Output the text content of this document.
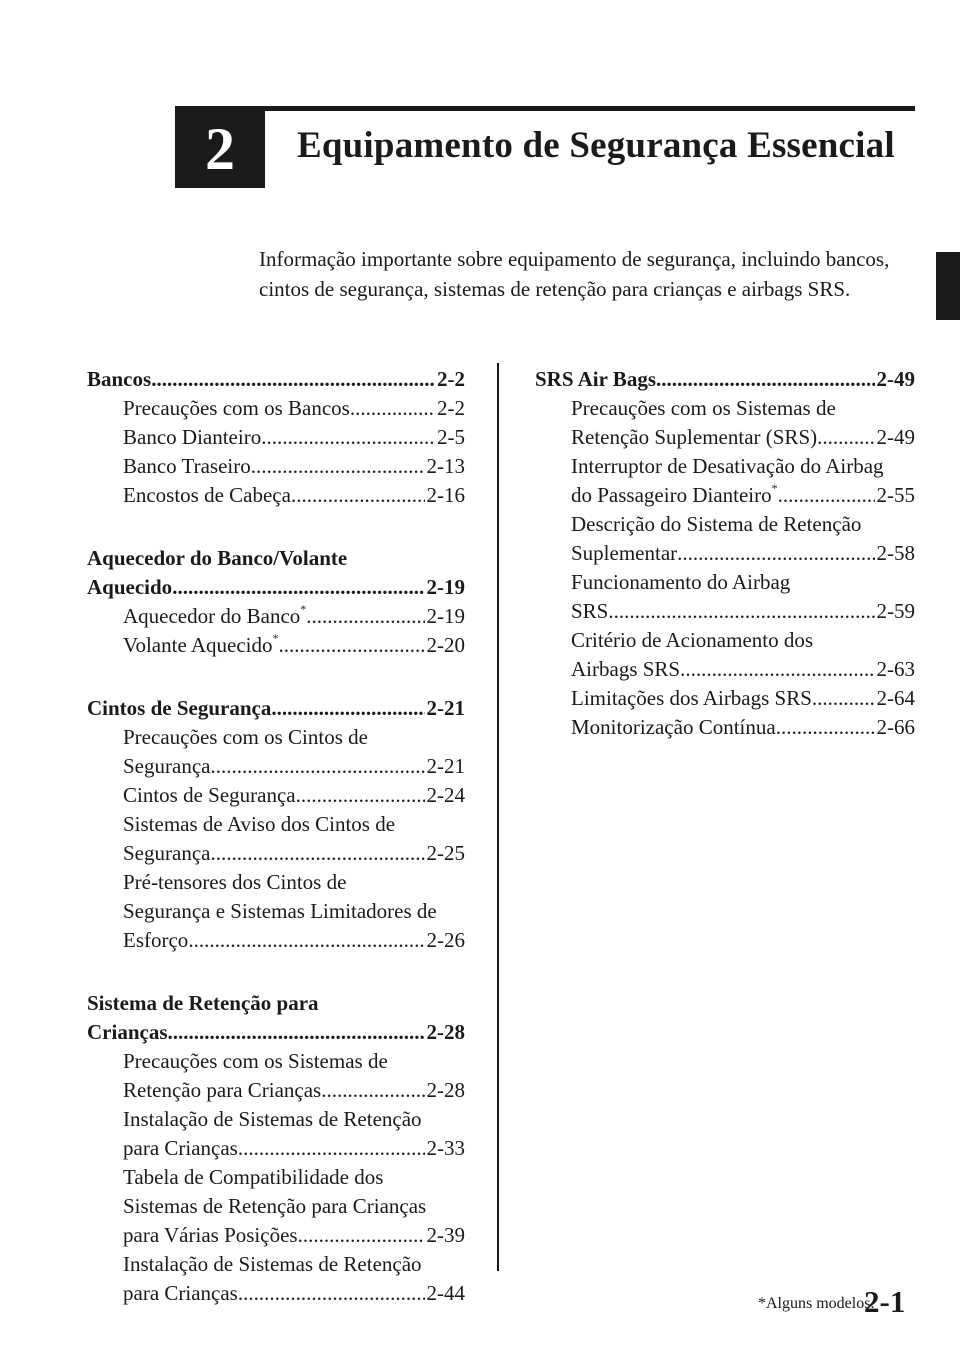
2 Equipamento de Segurança Essencial
Informação importante sobre equipamento de segurança, incluindo bancos, cintos de segurança, sistemas de retenção para crianças e airbags SRS.
Bancos .....	2-2
Precauções com os Bancos .....	2-2
Banco Dianteiro .....	2-5
Banco Traseiro .....	2-13
Encostos de Cabeça .....	2-16
Aquecedor do Banco/Volante
Aquecido .....	2-19
Aquecedor do Banco* .....	2-19
Volante Aquecido* .....	2-20
Cintos de Segurança .....	2-21
Precauções com os Cintos de
Segurança .....	2-21
Cintos de Segurança .....	2-24
Sistemas de Aviso dos Cintos de
Segurança .....	2-25
Pré-tensores dos Cintos de
Segurança e Sistemas Limitadores de
Esforço .....	2-26
Sistema de Retenção para
Crianças .....	2-28
Precauções com os Sistemas de
Retenção para Crianças .....	2-28
Instalação de Sistemas de Retenção
para Crianças .....	2-33
Tabela de Compatibilidade dos
Sistemas de Retenção para Crianças
para Várias Posições .....	2-39
Instalação de Sistemas de Retenção
para Crianças .....	2-44
SRS Air Bags .....	2-49
Precauções com os Sistemas de
Retenção Suplementar (SRS) .....	2-49
Interruptor de Desativação do Airbag
do Passageiro Dianteiro* .....	2-55
Descrição do Sistema de Retenção
Suplementar .....	2-58
Funcionamento do Airbag
SRS .....	2-59
Critério de Acionamento dos
Airbags SRS .....	2-63
Limitações dos Airbags SRS .....	2-64
Monitorização Contínua .....	2-66
*Alguns modelos.
2-1
